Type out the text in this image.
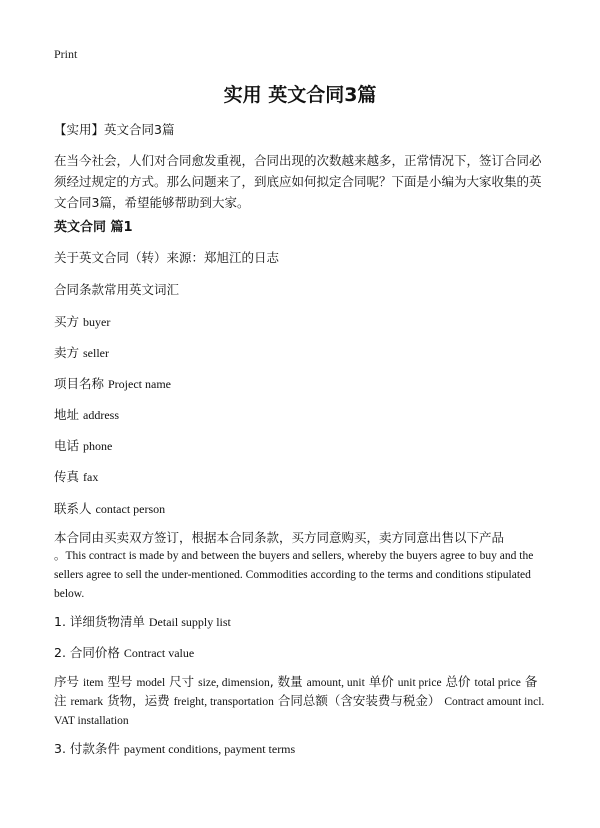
Print
实用 英文合同3篇
【实用】英文合同3篇
在当今社会，人们对合同愈发重视，合同出现的次数越来越多，正常情况下，签订合同必须经过规定的方式。那么问题来了，到底应如何拟定合同呢？下面是小编为大家收集的英文合同3篇，希望能够帮助到大家。
英文合同 篇1
关于英文合同（转）来源：郑旭江的日志
合同条款常用英文词汇
买方 buyer
卖方 seller
项目名称 Project name
地址 address
电话 phone
传真 fax
联系人 contact person
本合同由买卖双方签订，根据本合同条款，买方同意购买，卖方同意出售以下产品
。This contract is made by and between the buyers and sellers, whereby the buyers agree to buy and the sellers agree to sell the under-mentioned. Commodities according to the terms and conditions stipulated below.
1. 详细货物清单 Detail supply list
2. 合同价格 Contract value
序号 item 型号 model 尺寸 size, dimension, 数量 amount, unit 单价 unit price 总价 total price 备注 remark 货物，运费 freight, transportation 合同总额（含安装费与税金） Contract amount incl. VAT installation
3. 付款条件 payment conditions, payment terms
